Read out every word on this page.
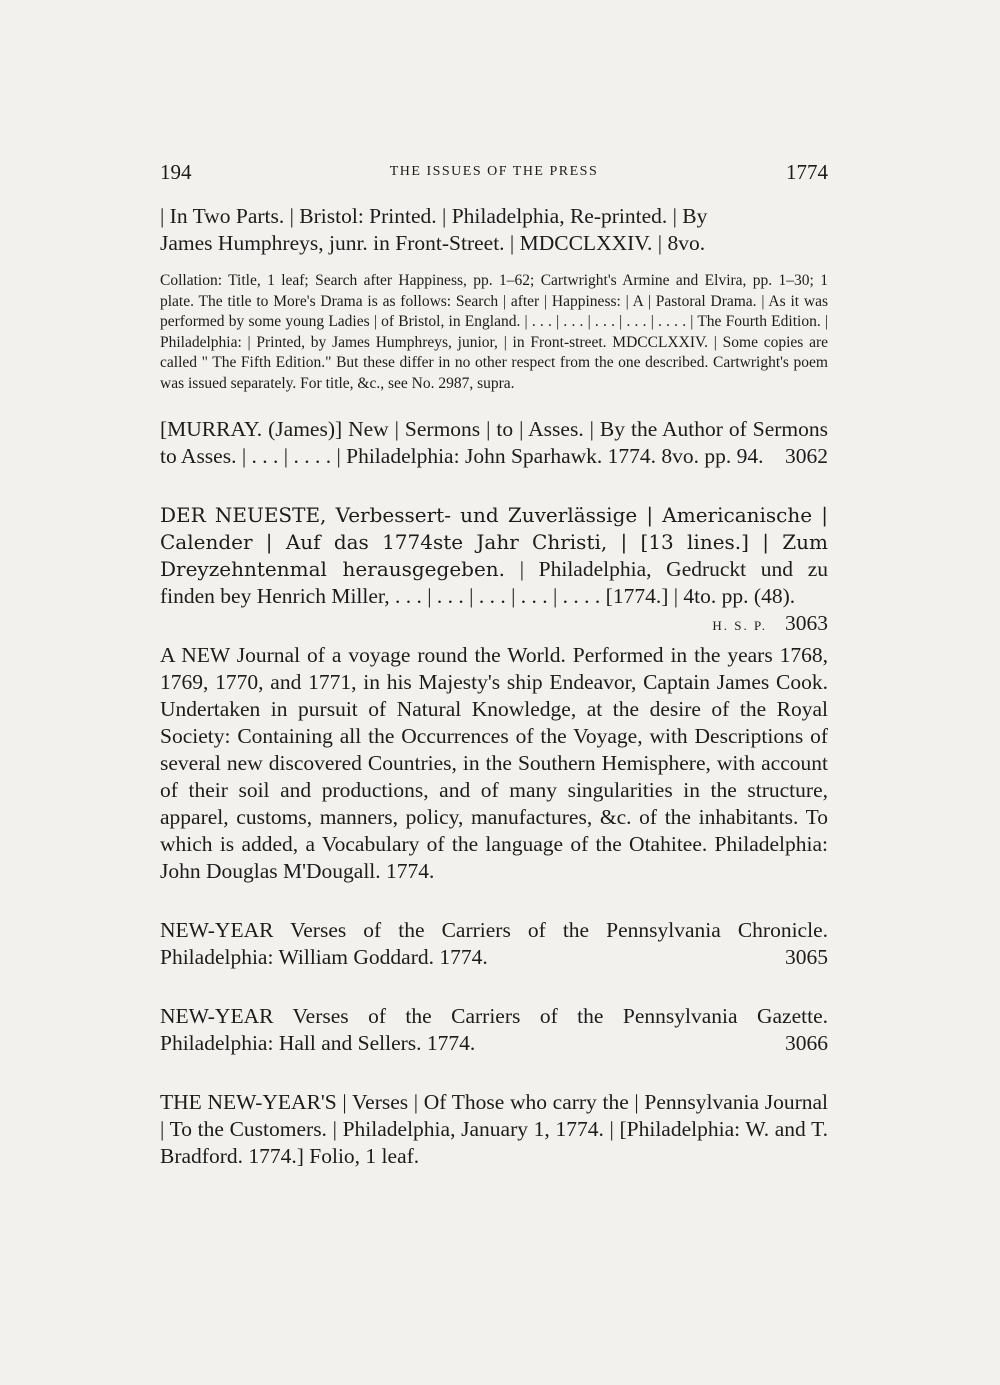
194	THE ISSUES OF THE PRESS	1774

| In Two Parts. | Bristol: Printed. | Philadelphia, Re-printed. | By

James Humphreys, junr. in Front-Street. | MDCCLXXIV. | 8vo.

Collation: Title, 1 leaf; Search after Happiness, pp. 1–62; Cartwright's Armine and Elvira, pp. 1–30; 1 plate. The title to More's Drama is as follows: Search | after | Happiness: | A | Pastoral Drama. | As it was performed by some young Ladies | of Bristol, in England. | . . . | . . . | . . . | . . . | . . . . | The Fourth Edition. | Philadelphia: | Printed, by James Humphreys, junior, | in Front-street. MDCCLXXIV. | Some copies are called " The Fifth Edition." But these differ in no other respect from the one described. Cartwright's poem was issued separately. For title, &c., see No. 2987, supra.

[MURRAY. (James)] New | Sermons | to | Asses. | By the Author of Sermons to Asses. | . . . | . . . . | Philadelphia: John Sparhawk. 1774. 8vo. pp. 94. 3062

DER NEUESTE, Verbessert- und Zuverlässige | Americanische | Calender | Auf das 1774ste Jahr Christi, | [13 lines.] | Zum Dreyzehntenmal herausgegeben. | Philadelphia, Gedruckt und zu finden bey Henrich Miller, . . . | . . . | . . . | . . . | . . . . [1774.] | 4to. pp. (48).
H. S. P. 3063

A NEW Journal of a voyage round the World. Performed in the years 1768, 1769, 1770, and 1771, in his Majesty's ship Endeavor, Captain James Cook. Undertaken in pursuit of Natural Knowledge, at the desire of the Royal Society: Containing all the Occurrences of the Voyage, with Descriptions of several new discovered Countries, in the Southern Hemisphere, with account of their soil and productions, and of many singularities in the structure, apparel, customs, manners, policy, manufactures, &c. of the inhabitants. To which is added, a Vocabulary of the language of the Otahitee. Philadelphia: John Douglas M'Dougall. 1774.

NEW-YEAR Verses of the Carriers of the Pennsylvania Chronicle. Philadelphia: William Goddard. 1774.	3065

NEW-YEAR Verses of the Carriers of the Pennsylvania Gazette. Philadelphia: Hall and Sellers. 1774.	3066

THE NEW-YEAR'S | Verses | Of Those who carry the | Pennsylvania Journal | To the Customers. | Philadelphia, January 1, 1774. | [Philadelphia: W. and T. Bradford. 1774.] Folio, 1 leaf.
